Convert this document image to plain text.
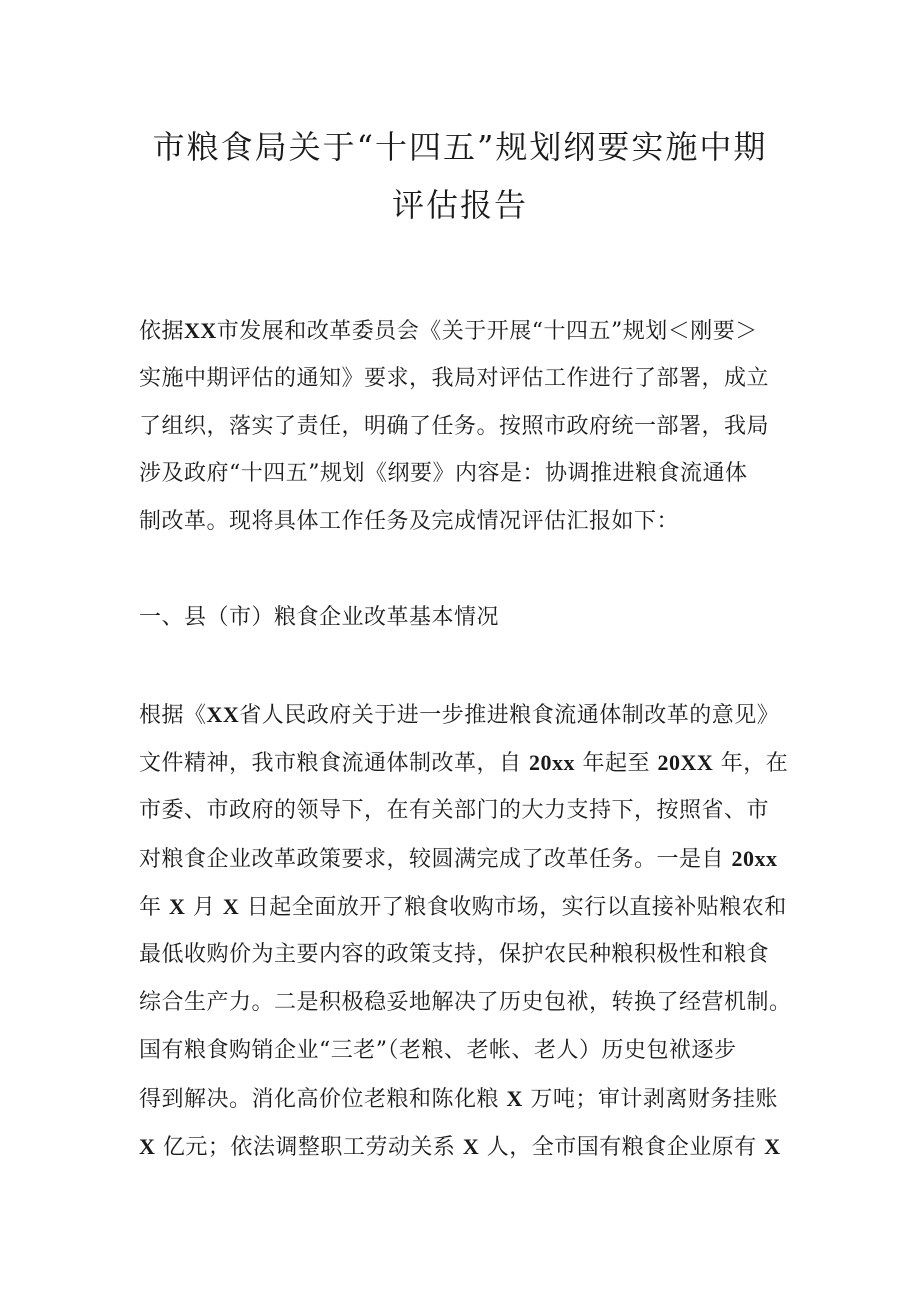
市粮食局关于“十四五”规划纲要实施中期
评估报告
依据XX市发展和改革委员会《关于开展“十四五”规划＜刚要＞
实施中期评估的通知》要求，我局对评估工作进行了部署，成立
了组织，落实了责任，明确了任务。按照市政府统一部署，我局
涉及政府“十四五”规划《纲要》内容是：协调推进粮食流通体
制改革。现将具体工作任务及完成情况评估汇报如下：
一、县（市）粮食企业改革基本情况
根据《XX省人民政府关于进一步推进粮食流通体制改革的意见》
文件精神，我市粮食流通体制改革，自 20xx 年起至 20XX 年，在
市委、市政府的领导下，在有关部门的大力支持下，按照省、市
对粮食企业改革政策要求，较圆满完成了改革任务。一是自 20xx
年 X 月 X 日起全面放开了粮食收购市场，实行以直接补贴粮农和
最低收购价为主要内容的政策支持，保护农民种粮积极性和粮食
综合生产力。二是积极稳妥地解决了历史包袱，转换了经营机制。
国有粮食购销企业“三老”（老粮、老帐、老人）历史包袱逐步
得到解决。消化高价位老粮和陈化粮 X 万吨；审计剥离财务挂账
X 亿元；依法调整职工劳动关系 X 人，全市国有粮食企业原有 X
